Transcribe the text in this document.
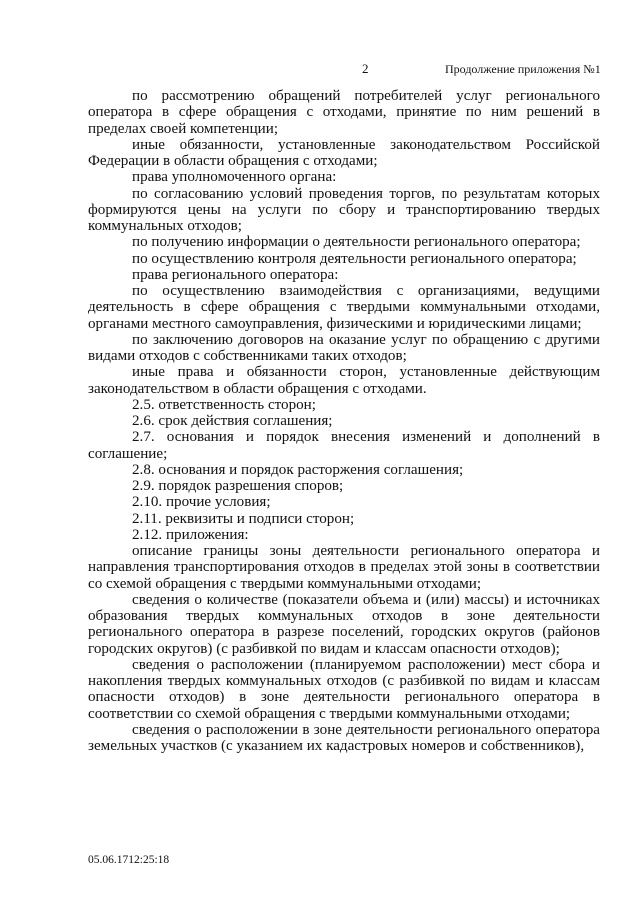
2	Продолжение приложения №1

по рассмотрению обращений потребителей услуг регионального оператора в сфере обращения с отходами, принятие по ним решений в пределах своей компетенции;

иные обязанности, установленные законодательством Российской Федерации в области обращения с отходами;

права уполномоченного органа:

по согласованию условий проведения торгов, по результатам которых формируются цены на услуги по сбору и транспортированию твердых коммунальных отходов;

по получению информации о деятельности регионального оператора;

по осуществлению контроля деятельности регионального оператора;

права регионального оператора:

по осуществлению взаимодействия с организациями, ведущими деятельность в сфере обращения с твердыми коммунальными отходами, органами местного самоуправления, физическими и юридическими лицами;

по заключению договоров на оказание услуг по обращению с другими видами отходов с собственниками таких отходов;

иные права и обязанности сторон, установленные действующим законодательством в области обращения с отходами.

2.5. ответственность сторон;

2.6. срок действия соглашения;

2.7. основания и порядок внесения изменений и дополнений в соглашение;

2.8. основания и порядок расторжения соглашения;

2.9. порядок разрешения споров;

2.10. прочие условия;

2.11. реквизиты и подписи сторон;

2.12. приложения:

описание границы зоны деятельности регионального оператора и направления транспортирования отходов в пределах этой зоны в соответствии со схемой обращения с твердыми коммунальными отходами;

сведения о количестве (показатели объема и (или) массы) и источниках образования твердых коммунальных отходов в зоне деятельности регионального оператора в разрезе поселений, городских округов (районов городских округов) (с разбивкой по видам и классам опасности отходов);

сведения о расположении (планируемом расположении) мест сбора и накопления твердых коммунальных отходов (с разбивкой по видам и классам опасности отходов) в зоне деятельности регионального оператора в соответствии со схемой обращения с твердыми коммунальными отходами;

сведения о расположении в зоне деятельности регионального оператора земельных участков (с указанием их кадастровых номеров и собственников),

05.06.1712:25:18
